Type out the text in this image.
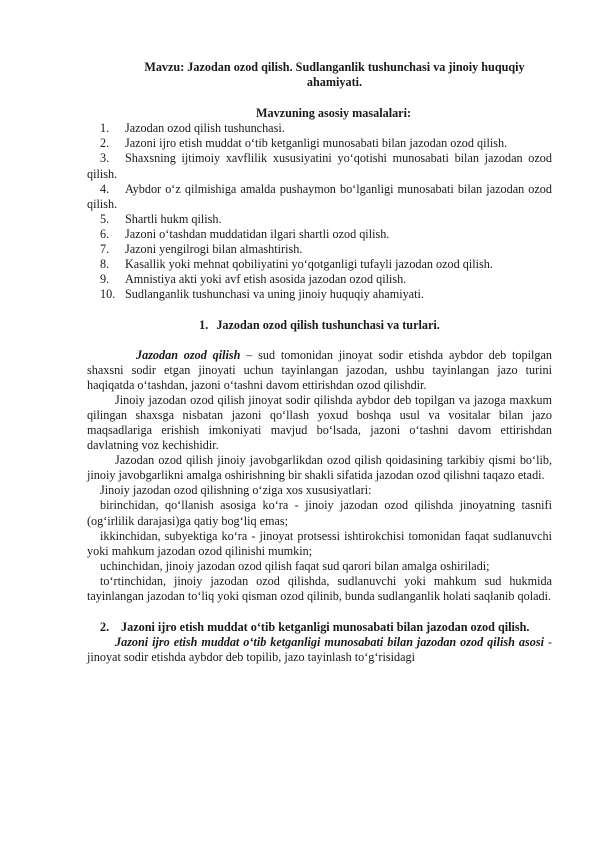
Mavzu: Jazodan ozod qilish. Sudlanganlik tushunchasi va jinoiy huquqiy ahamiyati.
Mavzuning asosiy masalalari:
1. Jazodan ozod qilish tushunchasi.
2. Jazoni ijro etish muddat o‘tib ketganligi munosabati bilan jazodan ozod qilish.
3. Shaxsning ijtimoiy xavflilik xususiyatini yo‘qotishi munosabati bilan jazodan ozod qilish.
4. Aybdor o‘z qilmishiga amalda pushaymon bo‘lganligi munosabati bilan jazodan ozod qilish.
5. Shartli hukm qilish.
6. Jazoni o‘tashdan muddatidan ilgari shartli ozod qilish.
7. Jazoni yengilrogi bilan almashtirish.
8. Kasallik yoki mehnat qobiliyatini yo‘qotganligi tufayli jazodan ozod qilish.
9. Amnistiya akti yoki avf etish asosida jazodan ozod qilish.
10. Sudlanganlik tushunchasi va uning jinoiy huquqiy ahamiyati.
1. Jazodan ozod qilish tushunchasi va turlari.

Jazodan ozod qilish – sud tomonidan jinoyat sodir etishda aybdor deb topilgan shaxsni sodir etgan jinoyati uchun tayinlangan jazodan, ushbu tayinlangan jazo turini haqiqatda o‘tashdan, jazoni o‘tashni davom ettirishdan ozod qilishdir.

Jinoiy jazodan ozod qilish jinoyat sodir qilishda aybdor deb topilgan va jazoga maxkum qilingan shaxsga nisbatan jazoni qo‘llash yoxud boshqa usul va vositalar bilan jazo maqsadlariga erishish imkoniyati mavjud bo‘lsada, jazoni o‘tashni davom ettirishdan davlatning voz kechishidir.

Jazodan ozod qilish jinoiy javobgarlikdan ozod qilish qoidasining tarkibiy qismi bo‘lib, jinoiy javobgarlikni amalga oshirishning bir shakli sifatida jazodan ozod qilishni taqazo etadi.

Jinoiy jazodan ozod qilishning o‘ziga xos xususiyatlari:

birinchidan, qo‘llanish asosiga ko‘ra - jinoiy jazodan ozod qilishda jinoyatning tasnifi (og‘irlilik darajasi)ga qatiy bog‘liq emas;

ikkinchidan, subyektiga ko‘ra - jinoyat protsessi ishtirokchisi tomonidan faqat sudlanuvchi yoki mahkum jazodan ozod qilinishi mumkin;

uchinchidan, jinoiy jazodan ozod qilish faqat sud qarori bilan amalga oshiriladi;

to‘rtinchidan, jinoiy jazodan ozod qilishda, sudlanuvchi yoki mahkum sud hukmida tayinlangan jazodan to‘liq yoki qisman ozod qilinib, bunda sudlanganlik holati saqlanib qoladi.

2. Jazoni ijro etish muddat o‘tib ketganligi munosabati bilan jazodan ozod qilish.

Jazoni ijro etish muddat o‘tib ketganligi munosabati bilan jazodan ozod qilish asosi - jinoyat sodir etishda aybdor deb topilib, jazo tayinlash to‘g‘risidagi
